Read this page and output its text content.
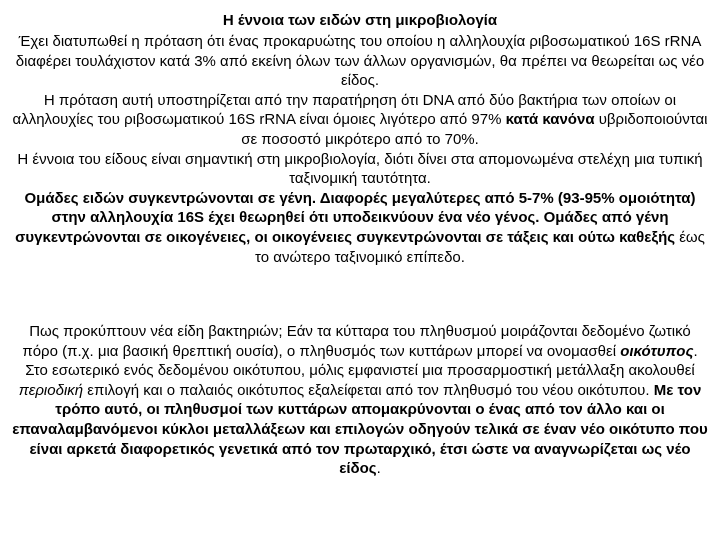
Η έννοια των ειδών στη μικροβιολογία

Έχει διατυπωθεί η πρόταση ότι ένας προκαρυώτης του οποίου η αλληλουχία ριβοσωματικού 16S rRNA διαφέρει τουλάχιστον κατά 3% από εκείνη όλων των άλλων οργανισμών, θα πρέπει να θεωρείται ως νέο είδος.

Η πρόταση αυτή υποστηρίζεται από την παρατήρηση ότι DNA από δύο βακτήρια των οποίων οι αλληλουχίες του ριβοσωματικού 16S rRNA είναι όμοιες λιγότερο από 97% κατά κανόνα υβριδοποιούνται σε ποσοστό μικρότερο από το 70%.

Η έννοια του είδους είναι σημαντική στη μικροβιολογία, διότι δίνει στα απομονωμένα στελέχη μια τυπική ταξινομική ταυτότητα.

Ομάδες ειδών συγκεντρώνονται σε γένη. Διαφορές μεγαλύτερες από 5-7% (93-95% ομοιότητα) στην αλληλουχία 16S έχει θεωρηθεί ότι υποδεικνύουν ένα νέο γένος. Ομάδες από γένη συγκεντρώνονται σε οικογένειες, οι οικογένειες συγκεντρώνονται σε τάξεις και ούτω καθεξής έως το ανώτερο ταξινομικό επίπεδο.

Πως προκύπτουν νέα είδη βακτηριών; Εάν τα κύτταρα του πληθυσμού μοιράζονται δεδομένο ζωτικό πόρο (π.χ. μια βασική θρεπτική ουσία), ο πληθυσμός των κυττάρων μπορεί να ονομασθεί οικότυπος. Στο εσωτερικό ενός δεδομένου οικότυπου, μόλις εμφανιστεί μια προσαρμοστική μετάλλαξη ακολουθεί περιοδική επιλογή και ο παλαιός οικότυπος εξαλείφεται από τον πληθυσμό του νέου οικότυπου. Με τον τρόπο αυτό, οι πληθυσμοί των κυττάρων απομακρύνονται ο ένας από τον άλλο και οι επαναλαμβανόμενοι κύκλοι μεταλλάξεων και επιλογών οδηγούν τελικά σε έναν νέο οικότυπο που είναι αρκετά διαφορετικός γενετικά από τον πρωταρχικό, έτσι ώστε να αναγνωρίζεται ως νέο είδος.
